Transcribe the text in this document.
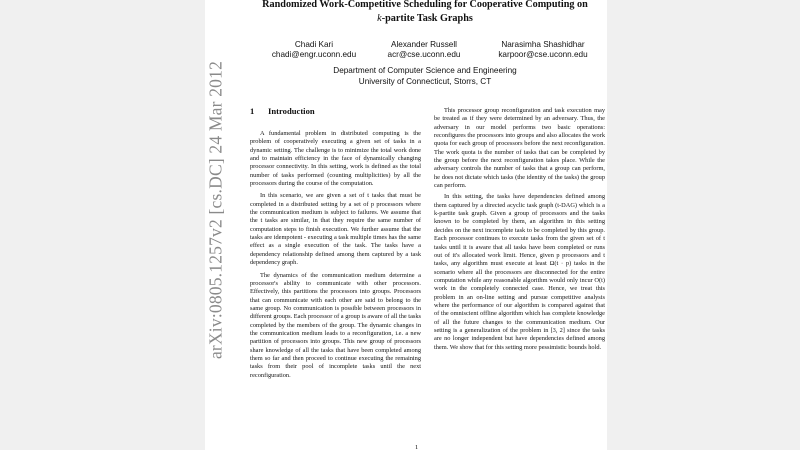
Randomized Work-Competitive Scheduling for Cooperative Computing on
k-partite Task Graphs
Chadi Kari
chadi@engr.uconn.edu
Alexander Russell
acr@cse.uconn.edu
Narasimha Shashidhar
karpoor@cse.uconn.edu
Department of Computer Science and Engineering
University of Connecticut, Storrs, CT
1 Introduction

A fundamental problem in distributed computing is the problem of cooperatively executing a given set of tasks in a dynamic setting. The challenge is to minimize the total work done and to maintain efficiency in the face of dynamically changing processor connectivity. In this setting, work is defined as the total number of tasks performed (counting multiplicities) by all the processors during the course of the computation.

In this scenario, we are given a set of t tasks that must be completed in a distributed setting by a set of p processors where the communication medium is subject to failures. We assume that the t tasks are similar, in that they require the same number of computation steps to finish execution. We further assume that the tasks are idempotent - executing a task multiple times has the same effect as a single execution of the task. The tasks have a dependency relationship defined among them captured by a task dependency graph.

The dynamics of the communication medium determine a processor's ability to communicate with other processors. Effectively, this partitions the processors into groups. Processors that can communicate with each other are said to belong to the same group. No communication is possible between processors in different groups. Each processor of a group is aware of all the tasks completed by the members of the group. The dynamic changes in the communication medium leads to a reconfiguration, i.e. a new partition of processors into groups. This new group of processors share knowledge of all the tasks that have been completed among them so far and then proceed to continue executing the remaining tasks from their pool of incomplete tasks until the next reconfiguration.

This processor group reconfiguration and task execution may be treated as if they were determined by an adversary. Thus, the adversary in our model performs two basic operations: reconfigures the processors into groups and also allocates the work quota for each group of processors before the next reconfiguration. The work quota is the number of tasks that can be completed by the group before the next reconfiguration takes place. While the adversary controls the number of tasks that a group can perform, he does not dictate which tasks (the identity of the tasks) the group can perform.

In this setting, the tasks have dependencies defined among them captured by a directed acyclic task graph (t-DAG) which is a k-partite task graph. Given a group of processors and the tasks known to be completed by them, an algorithm in this setting decides on the next incomplete task to be completed by this group. Each processor continues to execute tasks from the given set of t tasks until it is aware that all tasks have been completed or runs out of it's allocated work limit. Hence, given p processors and t tasks, any algorithm must execute at least Ω(t · p) tasks in the scenario where all the processors are disconnected for the entire computation while any reasonable algorithm would only incur O(t) work in the completely connected case. Hence, we treat this problem in an on-line setting and pursue competitive analysis where the performance of our algorithm is compared against that of the omniscient offline algorithm which has complete knowledge of all the future changes to the communication medium. Our setting is a generalization of the problem in [3, 2] since the tasks are no longer independent but have dependencies defined among them. We show that for this setting more pessimistic bounds hold.

1
arXiv:0805.1257v2 [cs.DC] 24 Mar 2012
